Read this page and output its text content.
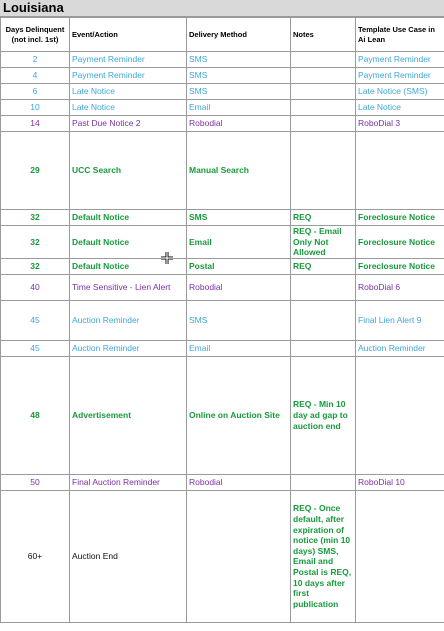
Louisiana
Days Delinquent (not incl. 1st)	Event/Action	Delivery Method	Notes	Template Use Case in Ai Lean
2	Payment Reminder	SMS		Payment Reminder
4	Payment Reminder	SMS		Payment Reminder
6	Late Notice	SMS		Late Notice (SMS)
10	Late Notice	Email		Late Notice
14	Past Due Notice 2	Robodial		RoboDial 3
29	UCC Search	Manual Search		
32	Default Notice	SMS	REQ	Foreclosure Notice
32	Default Notice	Email	REQ - Email Only Not Allowed	Foreclosure Notice
32	Default Notice	Postal	REQ	Foreclosure Notice
40	Time Sensitive - Lien Alert	Robodial		RoboDial 6
45	Auction Reminder	SMS		Final Lien Alert 9
45	Auction Reminder	Email		Auction Reminder
48	Advertisement	Online on Auction Site	REQ - Min 10 day ad gap to auction end	
50	Final Auction Reminder	Robodial		RoboDial 10
60+	Auction End		REQ - Once default, after expiration of notice (min 10 days) SMS, Email and Postal is REQ, 10 days after first publication	
